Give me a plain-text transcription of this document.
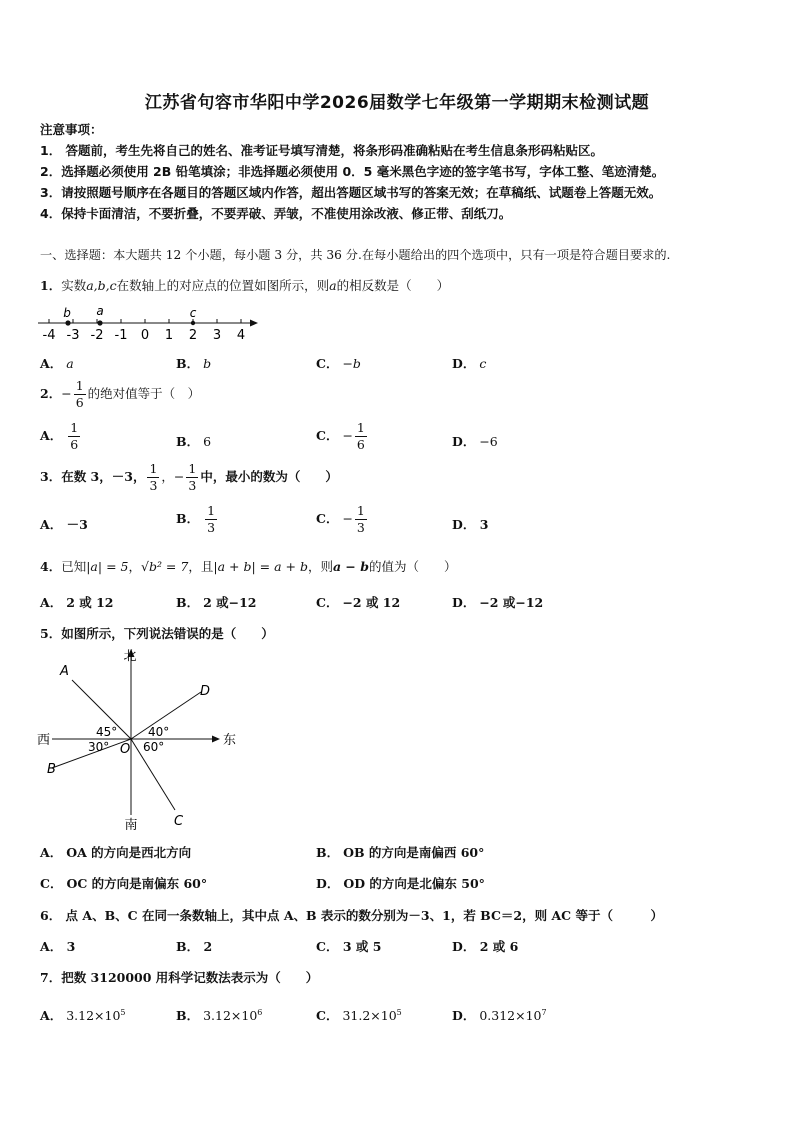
江苏省句容市华阳中学2026届数学七年级第一学期期末检测试题
注意事项：
1． 答题前，考生先将自己的姓名、准考证号填写清楚，将条形码准确粘贴在考生信息条形码粘贴区。
2．选择题必须使用 2B 铅笔填涂；非选择题必须使用 0．5 毫米黑色字迹的签字笔书写，字体工整、笔迹清楚。
3．请按照题号顺序在各题目的答题区域内作答，超出答题区域书写的答案无效；在草稿纸、试题卷上答题无效。
4．保持卡面清洁，不要折叠，不要弄破、弄皱，不准使用涂改液、修正带、刮纸刀。
一、选择题：本大题共 12 个小题，每小题 3 分，共 36 分.在每小题给出的四个选项中，只有一项是符合题目要求的.
1．实数a,b,c在数轴上的对应点的位置如图所示，则a的相反数是（　　）
-4 -3 -2 -1 0 1 2 3 4
b a	c
A． a	B． b	C． −b	D． c
2．− $\frac{1}{6}$ 的绝对值等于（　）
A． $\frac{1}{6}$	B． 6	C． − $\frac{1}{6}$	D． −6
3．在数 3，－3， $\frac{1}{3}$ ，− $\frac{1}{3}$ 中，最小的数为（　　）
A． －3	B． $\frac{1}{3}$	C． − $\frac{1}{3}$	D． 3
4．已知|a| = 5，√b² = 7，且|a + b| = a + b，则a − b的值为（　　）
A． 2 或 12	B． 2 或−12	C． −2 或 12	D． −2 或−12
5．如图所示，下列说法错误的是（　　）
北
南
东
西
A
B
C
D
O
45°	40°
30°	60°
A． OA 的方向是西北方向	B． OB 的方向是南偏西 60°
C． OC 的方向是南偏东 60°	D． OD 的方向是北偏东 50°
6． 点 A、B、C 在同一条数轴上，其中点 A、B 表示的数分别为－3、1，若 BC＝2，则 AC 等于（　　　）
A． 3	B． 2	C． 3 或 5	D． 2 或 6
7．把数 3120000 用科学记数法表示为（　　）
A． $3.12\times 10^5$	B． $3.12\times 10^6$	C． $31.2\times 10^5$	D． $0.312\times 10^7$
